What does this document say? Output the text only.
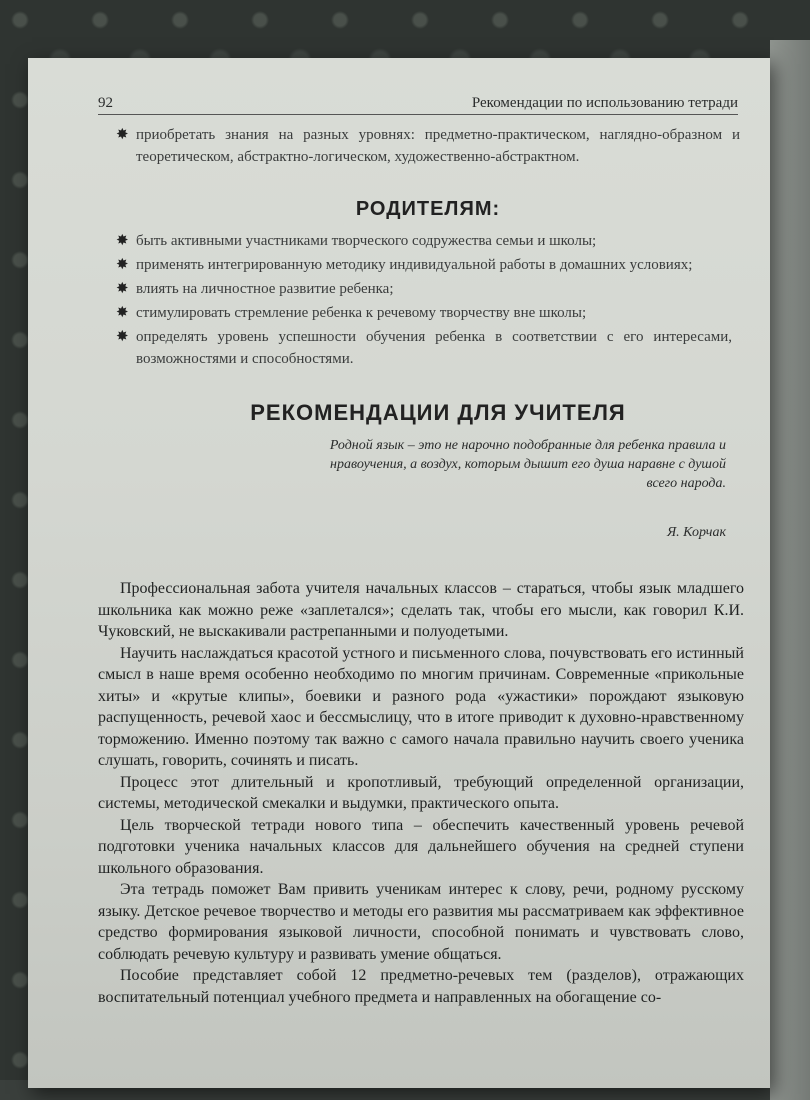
92	Рекомендации по использованию тетради
✸ приобретать знания на разных уровнях: предметно-практическом, наглядно-образном и теоретическом, абстрактно-логическом, художественно-абстрактном.
РОДИТЕЛЯМ:
✸ быть активными участниками творческого содружества семьи и школы;
✸ применять интегрированную методику индивидуальной работы в домашних условиях;
✸ влиять на личностное развитие ребенка;
✸ стимулировать стремление ребенка к речевому творчеству вне школы;
✸ определять уровень успешности обучения ребенка в соответствии с его интересами, возможностями и способностями.
РЕКОМЕНДАЦИИ ДЛЯ УЧИТЕЛЯ

Родной язык – это не нарочно подобранные для ребенка правила и нравоучения, а воздух, которым дышит его душа наравне с душой всего народа.

Я. Корчак

Профессиональная забота учителя начальных классов – стараться, чтобы язык младшего школьника как можно реже «заплетался»; сделать так, чтобы его мысли, как говорил К.И. Чуковский, не выскакивали растрепанными и полуодетыми.

Научить наслаждаться красотой устного и письменного слова, почувствовать его истинный смысл в наше время особенно необходимо по многим причинам. Современные «прикольные хиты» и «крутые клипы», боевики и разного рода «ужастики» порождают языковую распущенность, речевой хаос и бессмыслицу, что в итоге приводит к духовно-нравственному торможению. Именно поэтому так важно с самого начала правильно научить своего ученика слушать, говорить, сочинять и писать.

Процесс этот длительный и кропотливый, требующий определенной организации, системы, методической смекалки и выдумки, практического опыта.

Цель творческой тетради нового типа – обеспечить качественный уровень речевой подготовки ученика начальных классов для дальнейшего обучения на средней ступени школьного образования.

Эта тетрадь поможет Вам привить ученикам интерес к слову, речи, родному русскому языку. Детское речевое творчество и методы его развития мы рассматриваем как эффективное средство формирования языковой личности, способной понимать и чувствовать слово, соблюдать речевую культуру и развивать умение общаться.

Пособие представляет собой 12 предметно-речевых тем (разделов), отражающих воспитательный потенциал учебного предмета и направленных на обогащение со-
